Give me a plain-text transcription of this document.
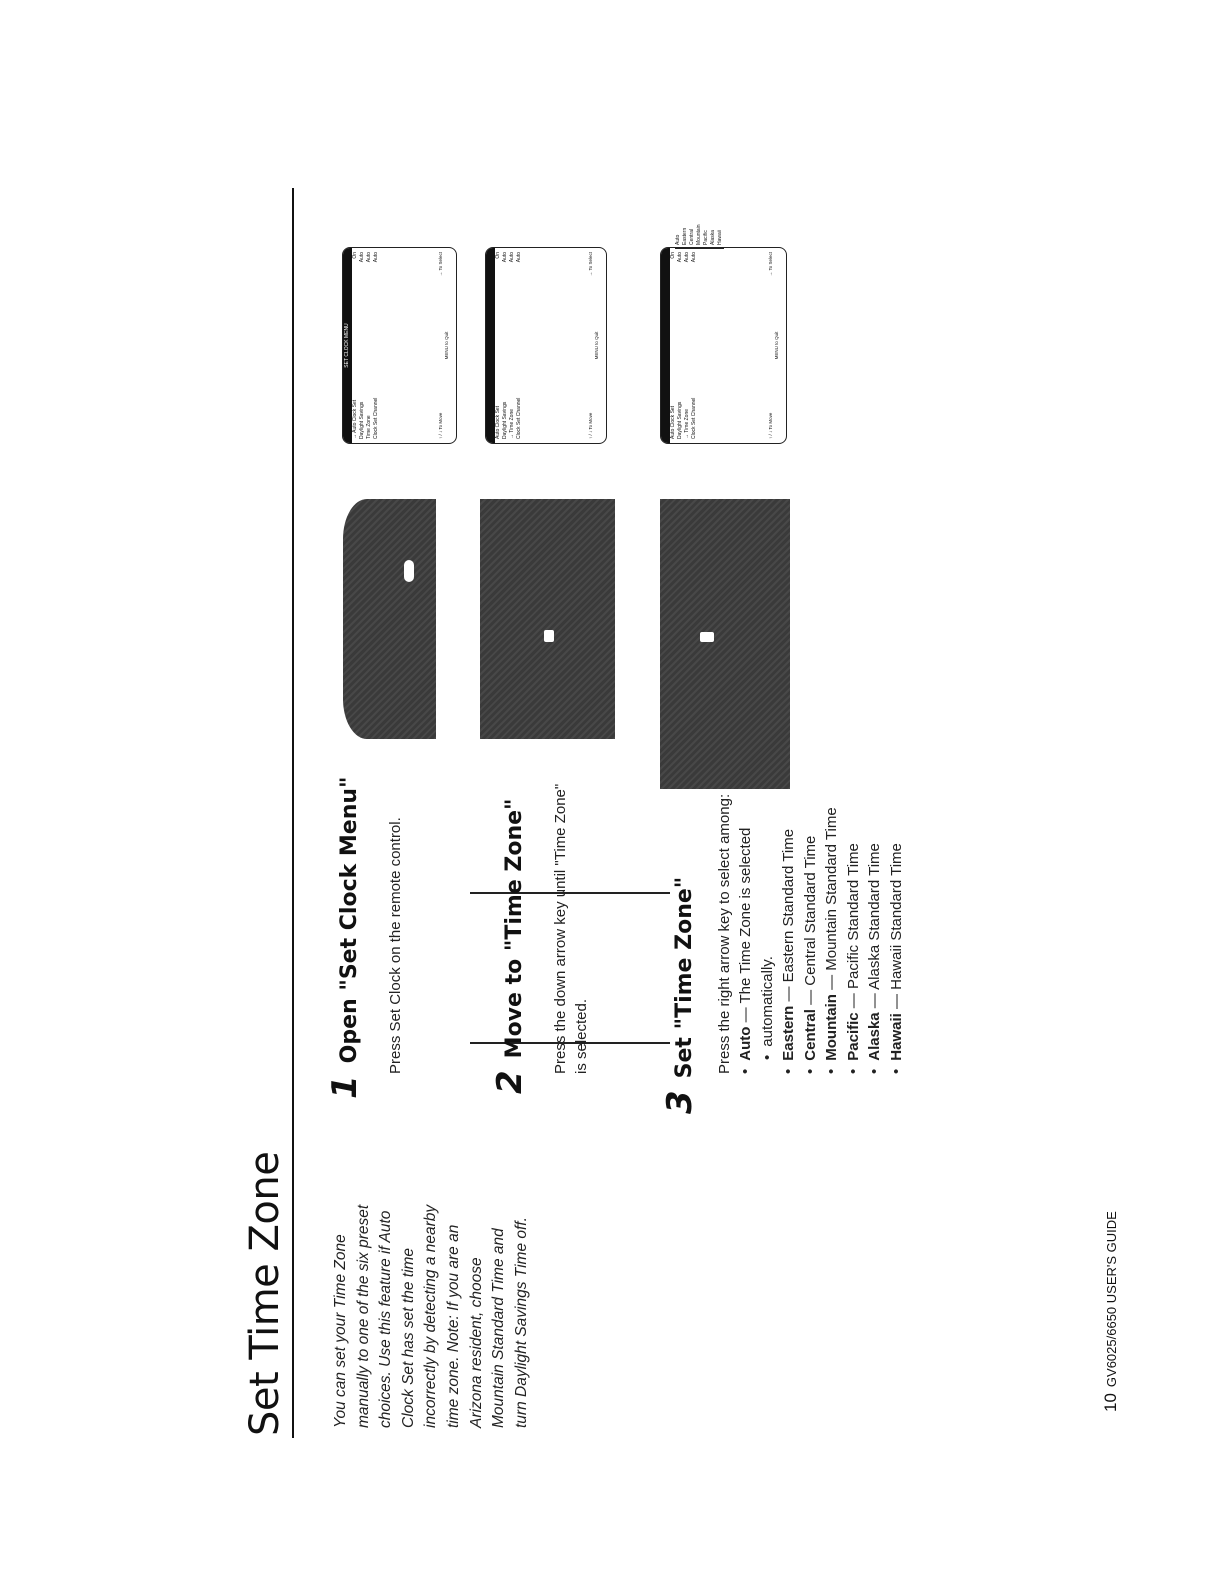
Set Time Zone	You can set your Time Zone manually to one of the six preset choices. Use this feature if Auto Clock Set has set the time incorrectly by detecting a nearby time zone. Note: If you are an Arizona resident, choose Mountain Standard Time and turn Daylight Savings Time off.

1Open "Set Clock Menu" Press Set Clock on the remote control.

SET CLOCK MENU
→ Auto Clock Set
On
Daylight Savings
Auto
Time Zone
Auto
Clock Set Channel
Auto
↑ / ↓ To Move
→ To Select
MENU to Quit
2Move to "Time Zone" Press the down arrow key until "Time Zone" is selected.

Auto Clock Set
On
Daylight Savings
Auto
→ Time Zone
Auto
Clock Set Channel
Auto
↑ / ↓ To Move
→ To Select
MENU to Quit
3Set "Time Zone" Press the right arrow key to select among: • Auto — The Time Zone is selected • automatically. • Eastern — Eastern Standard Time
• Central — Central Standard Time
• Mountain — Mountain Standard Time
• Pacific — Pacific Standard Time
• Alaska — Alaska Standard Time
• Hawaii — Hawaii Standard Time
Auto Clock Set
On
Daylight Savings
Auto
→ Time Zone
Auto
Clock Set Channel
Auto
↑ / ↓ To Move
→ To Select
MENU to Quit
Auto Eastern Central Mountain Pacific Alaska Hawaii
10GV6025/6650 USER'S GUIDE
